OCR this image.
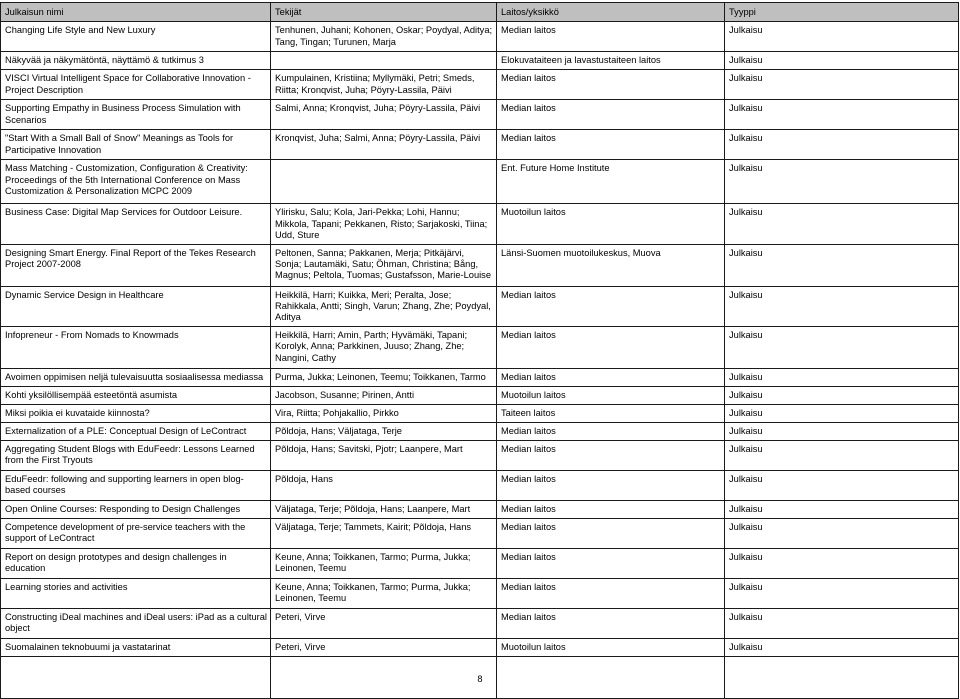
Julkaisun nimi	Tekijät	Laitos/yksikkö	Tyyppi
Changing Life Style and New Luxury	Tenhunen, Juhani; Kohonen, Oskar; Poydyal, Aditya; Tang, Tingan; Turunen, Marja	Median laitos	Julkaisu
Näkyvää ja näkymätöntä, näyttämö & tutkimus 3		Elokuvataiteen ja lavastustaiteen laitos	Julkaisu
VISCI Virtual Intelligent Space for Collaborative Innovation - Project Description	Kumpulainen, Kristiina; Myllymäki, Petri; Smeds, Riitta; Kronqvist, Juha; Pöyry-Lassila, Päivi	Median laitos	Julkaisu
Supporting Empathy in Business Process Simulation with Scenarios	Salmi, Anna; Kronqvist, Juha; Pöyry-Lassila, Päivi	Median laitos	Julkaisu
"Start With a Small Ball of Snow" Meanings as Tools for Participative Innovation	Kronqvist, Juha; Salmi, Anna; Pöyry-Lassila, Päivi	Median laitos	Julkaisu
Mass Matching - Customization, Configuration & Creativity: Proceedings of the 5th International Conference on Mass Customization & Personalization MCPC 2009		Ent. Future Home Institute	Julkaisu
Business Case: Digital Map Services for Outdoor Leisure.	Ylirisku, Salu; Kola, Jari-Pekka; Lohi, Hannu; Mikkola, Tapani; Pekkanen, Risto; Sarjakoski, Tiina; Udd, Sture	Muotoilun laitos	Julkaisu
Designing Smart Energy. Final Report of the Tekes Research Project 2007-2008	Peltonen, Sanna; Pakkanen, Merja; Pitkäjärvi, Sonja; Lautamäki, Satu; Öhman, Christina; Bång, Magnus; Peltola, Tuomas; Gustafsson, Marie-Louise	Länsi-Suomen muotoilukeskus, Muova	Julkaisu
Dynamic Service Design in Healthcare	Heikkilä, Harri; Kuikka, Meri; Peralta, Jose; Rahikkala, Antti; Singh, Varun; Zhang, Zhe; Poydyal, Aditya	Median laitos	Julkaisu
Infopreneur - From Nomads to Knowmads	Heikkilä, Harri; Amin, Parth; Hyvämäki, Tapani; Korolyk, Anna; Parkkinen, Juuso; Zhang, Zhe; Nangini, Cathy	Median laitos	Julkaisu
Avoimen oppimisen neljä tulevaisuutta sosiaalisessa mediassa	Purma, Jukka; Leinonen, Teemu; Toikkanen, Tarmo	Median laitos	Julkaisu
Kohti yksilöllisempää esteetöntä asumista	Jacobson, Susanne; Pirinen, Antti	Muotoilun laitos	Julkaisu
Miksi poikia ei kuvataide kiinnosta?	Vira, Riitta; Pohjakallio, Pirkko	Taiteen laitos	Julkaisu
Externalization of a PLE: Conceptual Design of LeContract	Põldoja, Hans; Väljataga, Terje	Median laitos	Julkaisu
Aggregating Student Blogs with EduFeedr: Lessons Learned from the First Tryouts	Põldoja, Hans; Savitski, Pjotr; Laanpere, Mart	Median laitos	Julkaisu
EduFeedr: following and supporting learners in open blog-based courses	Põldoja, Hans	Median laitos	Julkaisu
Open Online Courses: Responding to Design Challenges	Väljataga, Terje; Põldoja, Hans; Laanpere, Mart	Median laitos	Julkaisu
Competence development of pre-service teachers with the support of LeContract	Väljataga, Terje; Tammets, Kairit; Põldoja, Hans	Median laitos	Julkaisu
Report on design prototypes and design challenges in education	Keune, Anna; Toikkanen, Tarmo; Purma, Jukka; Leinonen, Teemu	Median laitos	Julkaisu
Learning stories and activities	Keune, Anna; Toikkanen, Tarmo; Purma, Jukka; Leinonen, Teemu	Median laitos	Julkaisu
Constructing iDeal machines and iDeal users: iPad as a cultural object	Peteri, Virve	Median laitos	Julkaisu
Suomalainen teknobuumi ja vastatarinat	Peteri, Virve	Muotoilun laitos	Julkaisu

8
